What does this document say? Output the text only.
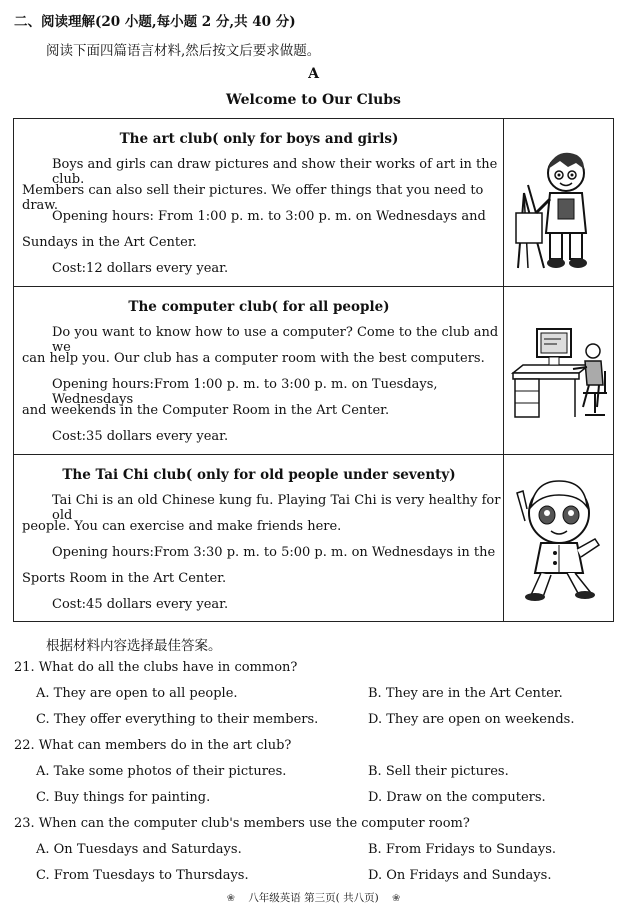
二、阅读理解(20 小题,每小题 2 分,共 40 分)
阅读下面四篇语言材料,然后按文后要求做题。
A
Welcome to Our Clubs
The art club( only for boys and girls)
Boys and girls can draw pictures and show their works of art in the club.
Members can also sell their pictures. We offer things that you need to draw.
Opening hours: From 1:00 p. m. to 3:00 p. m. on Wednesdays and
Sundays in the Art Center.
Cost:12 dollars every year.
The computer club( for all people)
Do you want to know how to use a computer? Come to the club and we
can help you. Our club has a computer room with the best computers.
Opening hours:From 1:00 p. m. to 3:00 p. m. on Tuesdays, Wednesdays
and weekends in the Computer Room in the Art Center.
Cost:35 dollars every year.
The Tai Chi club( only for old people under seventy)
Tai Chi is an old Chinese kung fu. Playing Tai Chi is very healthy for old
people. You can exercise and make friends here.
Opening hours:From 3:30 p. m. to 5:00 p. m. on Wednesdays in the
Sports Room in the Art Center.
Cost:45 dollars every year.
根据材料内容选择最佳答案。
21. What do all the clubs have in common?
A. They are open to all people.	B. They are in the Art Center.
C. They offer everything to their members.	D. They are open on weekends.
22. What can members do in the art club?
A. Take some photos of their pictures.	B. Sell their pictures.
C. Buy things for painting.	D. Draw on the computers.
23. When can the computer club's members use the computer room?
A. On Tuesdays and Saturdays.	B. From Fridays to Sundays.
C. From Tuesdays to Thursdays.	D. On Fridays and Sundays.
❀ 八年级英语 第三页( 共八页) ❀
